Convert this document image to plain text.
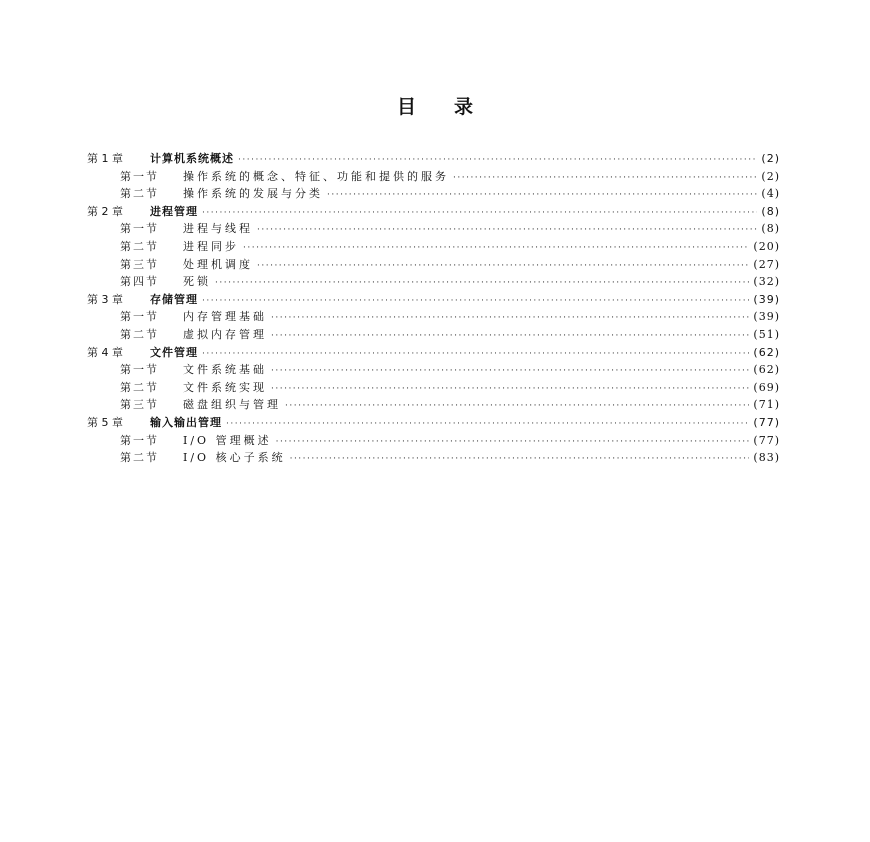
目录
第 1 章	计算机系统概述 ·····	(2)
第一节	操作系统的概念、特征、功能和提供的服务 ·····	(2)
第二节	操作系统的发展与分类 ·····	(4)
第 2 章	进程管理 ·····	(8)
第一节	进程与线程 ·····	(8)
第二节	进程同步 ·····	(20)
第三节	处理机调度 ·····	(27)
第四节	死锁 ·····	(32)
第 3 章	存储管理 ·····	(39)
第一节	内存管理基础 ·····	(39)
第二节	虚拟内存管理 ·····	(51)
第 4 章	文件管理 ·····	(62)
第一节	文件系统基础 ·····	(62)
第二节	文件系统实现 ·····	(69)
第三节	磁盘组织与管理 ·····	(71)
第 5 章	输入输出管理 ·····	(77)
第一节	I/O 管理概述 ·····	(77)
第二节	I/O 核心子系统 ·····	(83)
